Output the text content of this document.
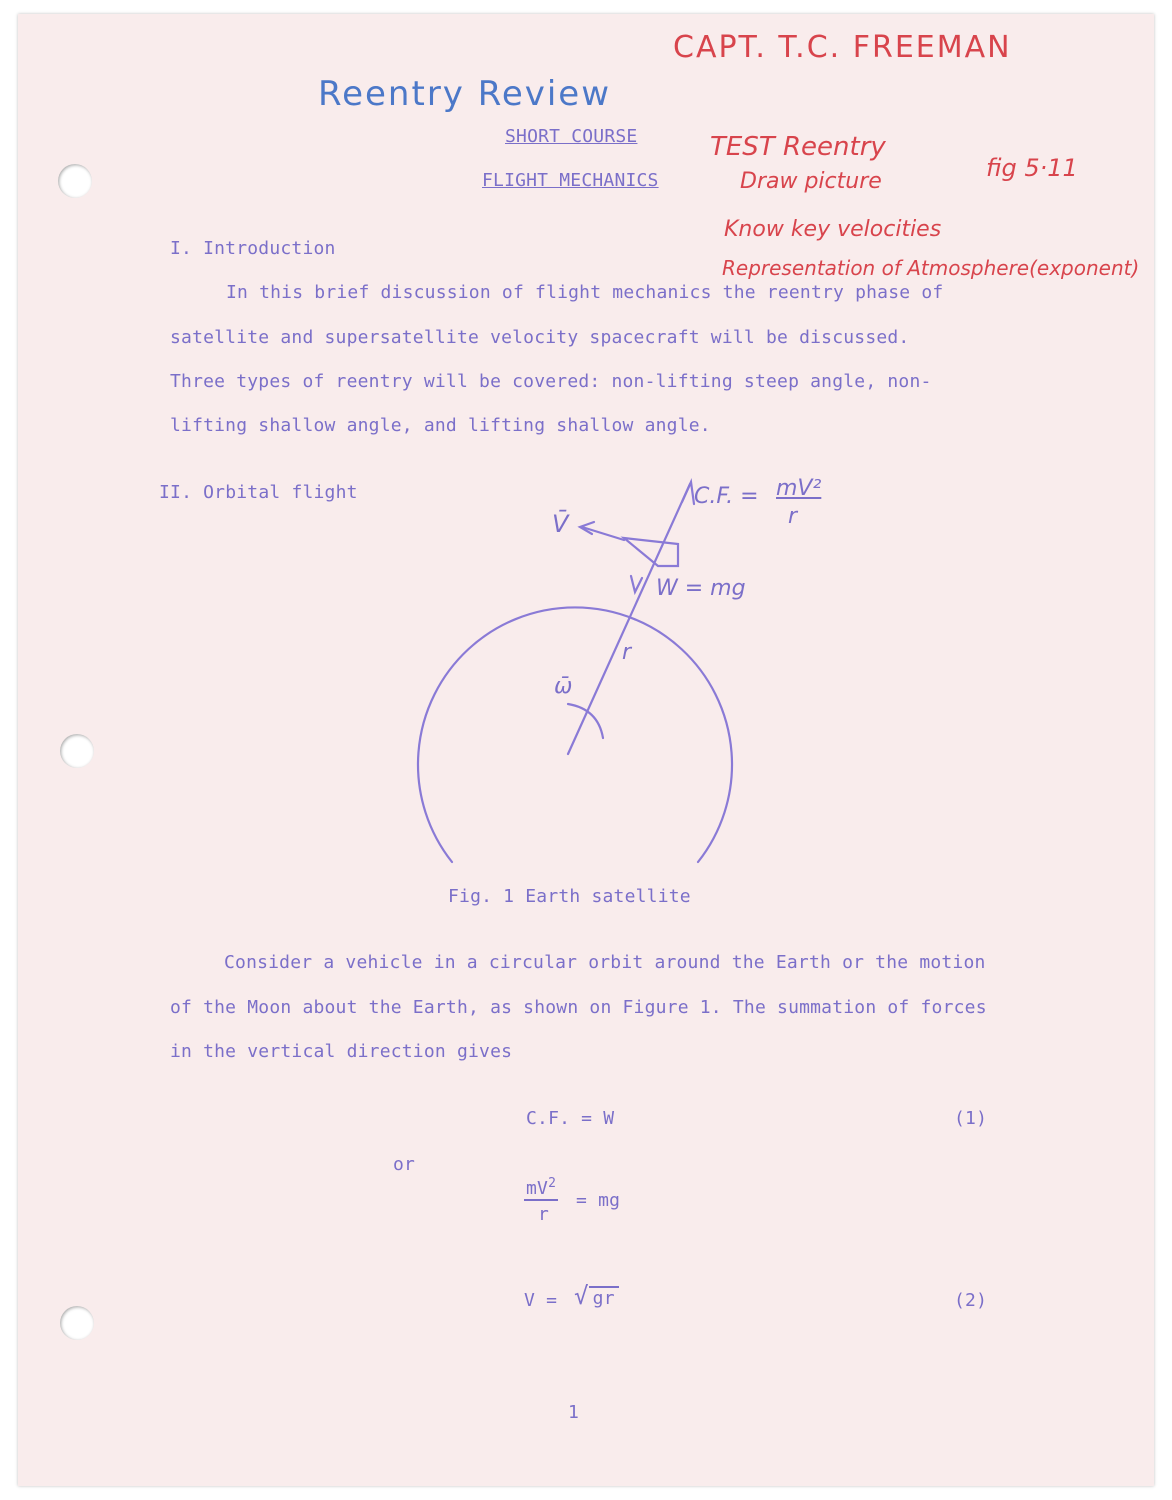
CAPT. T.C. FREEMAN
Reentry Review
TEST Reentry
Draw picture	fig 5·11
Know key velocities
Representation of Atmosphere(exponent)
SHORT COURSE
FLIGHT MECHANICS
I. Introduction
In this brief discussion of flight mechanics the reentry phase of
satellite and supersatellite velocity spacecraft will be discussed.
Three types of reentry will be covered: non-lifting steep angle, non-
lifting shallow angle, and lifting shallow angle.
II. Orbital flight	C.F. = mV²
r
V̄
W = mg
r
ω̄
Fig. 1 Earth satellite
Consider a vehicle in a circular orbit around the Earth or the motion
of the Moon about the Earth, as shown on Figure 1. The summation of forces
in the vertical direction gives
C.F. = W	(1)
or
$mV^2$
r
= mg
V = √ gr	(2)
1
